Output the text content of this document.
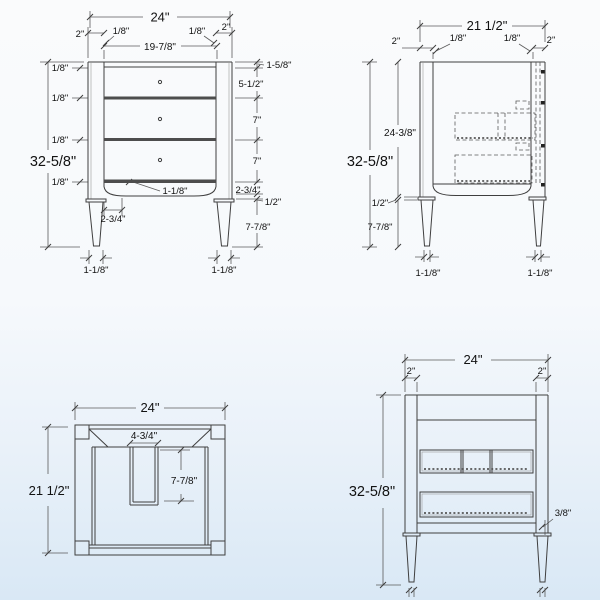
24"
2"	1/8"
19-7/8"
1/8" 2"
1/8"
1/8"
1/8"
1/8"
32-5/8"
1-5/8"
5-1/2"
7"
7"
2-3/4"
1/2"
7-7/8"
1-1/8"
2-3/4"
1-1/8"	1-1/8"
21 1/2"
2"	1/8"	1/8"	2"
32-5/8"
24-3/8"
1/2"
7-7/8"
1-1/8"	1-1/8"
24"
21 1/2"
4-3/4"
7-7/8"
24"
2"	2"
32-5/8"
3/8"
